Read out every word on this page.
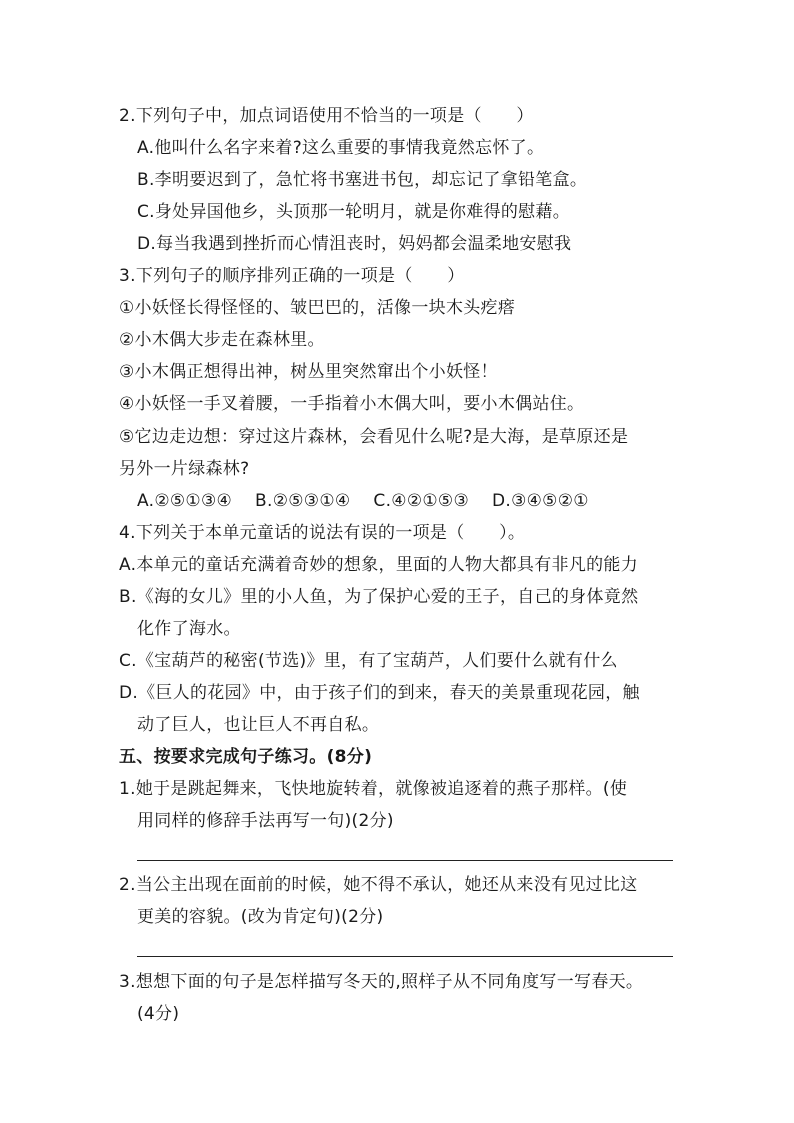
2.下列句子中，加点词语使用不恰当的一项是（　　）
A.他叫什么名字来着?这么重要的事情我竟然忘怀了。
B.李明要迟到了，急忙将书塞进书包，却忘记了拿铅笔盒。
C.身处异国他乡，头顶那一轮明月，就是你难得的慰藉。
D.每当我遇到挫折而心情沮丧时，妈妈都会温柔地安慰我
3.下列句子的顺序排列正确的一项是（　　）
①小妖怪长得怪怪的、皱巴巴的，活像一块木头疙瘩
②小木偶大步走在森林里。
③小木偶正想得出神，树丛里突然窜出个小妖怪！
④小妖怪一手叉着腰，一手指着小木偶大叫，要小木偶站住。
⑤它边走边想：穿过这片森林，会看见什么呢?是大海，是草原还是
另外一片绿森林?
A.②⑤①③④　 B.②⑤③①④　 C.④②①⑤③　 D.③④⑤②①
4.下列关于本单元童话的说法有误的一项是（　　）。
A.本单元的童话充满着奇妙的想象，里面的人物大都具有非凡的能力
B.《海的女儿》里的小人鱼，为了保护心爱的王子，自己的身体竟然
化作了海水。
C.《宝葫芦的秘密(节选)》里，有了宝葫芦，人们要什么就有什么
D.《巨人的花园》中，由于孩子们的到来，春天的美景重现花园，触
动了巨人，也让巨人不再自私。
五、按要求完成句子练习。(8分)
1.她于是跳起舞来，飞快地旋转着，就像被追逐着的燕子那样。(使
用同样的修辞手法再写一句)(2分)
2.当公主出现在面前的时候，她不得不承认，她还从来没有见过比这
更美的容貌。(改为肯定句)(2分)
3.想想下面的句子是怎样描写冬天的,照样子从不同角度写一写春天。
(4分)
